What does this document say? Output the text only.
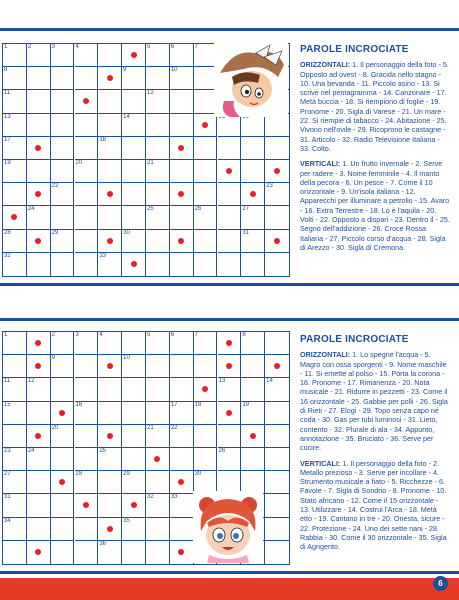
1	2	3	4	5	6	7
8	9	10
11	12
13	14
17	18
19	20	21
22	23
24	25	26	27
28	29	30	31
32	33
PAROLE INCROCIATE

ORIZZONTALI: 1. Il personaggio della foto - 5. Opposto ad ovest - 8. Gracida nello stagno - 10. Una bevanda - 11. Piccolo asino - 13. Si scrive nel pentagramma - 14. Canzonare - 17. Metà buccia - 18. Si riempiono di foglie - 19. Pronome - 20. Sigla di Varese - 21. Un mare - 22. Si riempie di tabacco - 24. Abitazione - 25. Vivono nell'ovile - 29. Ricoprono le castagne - 31. Articolo - 32. Radio Televisione Italiana - 33. Colto.

VERTICALI: 1. Un frutto invernale - 2. Serve per radere - 3. Nome femminile - 4. Il manto della pecora - 6. Un pesce - 7. Come il 10 orizzontale - 9. Un'isola italiana - 12. Apparecchi per illuminare a petrolio - 15. Avaro - 16. Extra Terrestre - 18. Lo è l'aquila - 20. Volti - 22. Opposto a dispari - 23. Dentro il - 25. Segno dell'addizione - 26. Croce Rossa Italiana - 27. Piccolo corso d'acqua - 28. Sigla di Arezzo - 30. Sigla di Cremona.

1	2	3	4	5	6	7	8
9	10
11	12	13	14
15	16	17	18	19
20	21	22
23	24	25	26
27	28	29	30
31	32	33
34	35
36
PAROLE INCROCIATE

ORIZZONTALI: 1. Lo spegne l'acqua - 5. Magro con ossa sporgenti - 9. Nome maschile - 11. Si emette al polso - 15. Porta la corona - 16. Pronome - 17. Rimanenza - 20. Nota musicale - 21. Ridurre in pezzetti - 23. Come il 16 orizzontale - 25. Gabbie per polli - 26. Sigla di Rieti - 27. Elogi - 29. Topo senza capo né coda - 30. Gas per tubi luminosi - 31. Lieto, contento - 32. Plurale di ala - 34. Appunto, annotazione - 35. Bruciato - 36. Serve per cucire.

VERTICALI: 1. Il personaggio della foto - 2. Metallo prezioso - 3. Serve per incollare - 4. Strumento musicale a fiato - 5. Ricchezze - 6. Favole - 7. Sigla di Sondrio - 8. Pronome - 10. Stato africano - 12. Come il 15 orizzontale - 13. Utilizzare - 14. Costrui l'Arca - 18. Metà etto - 19. Cantano in tre - 20. Onesta, sicure - 22. Protezione - 24. Uno dei sette nani - 28. Rabbia - 30. Come il 30 orizzontale - 35. Sigla di Agrigento.

6
